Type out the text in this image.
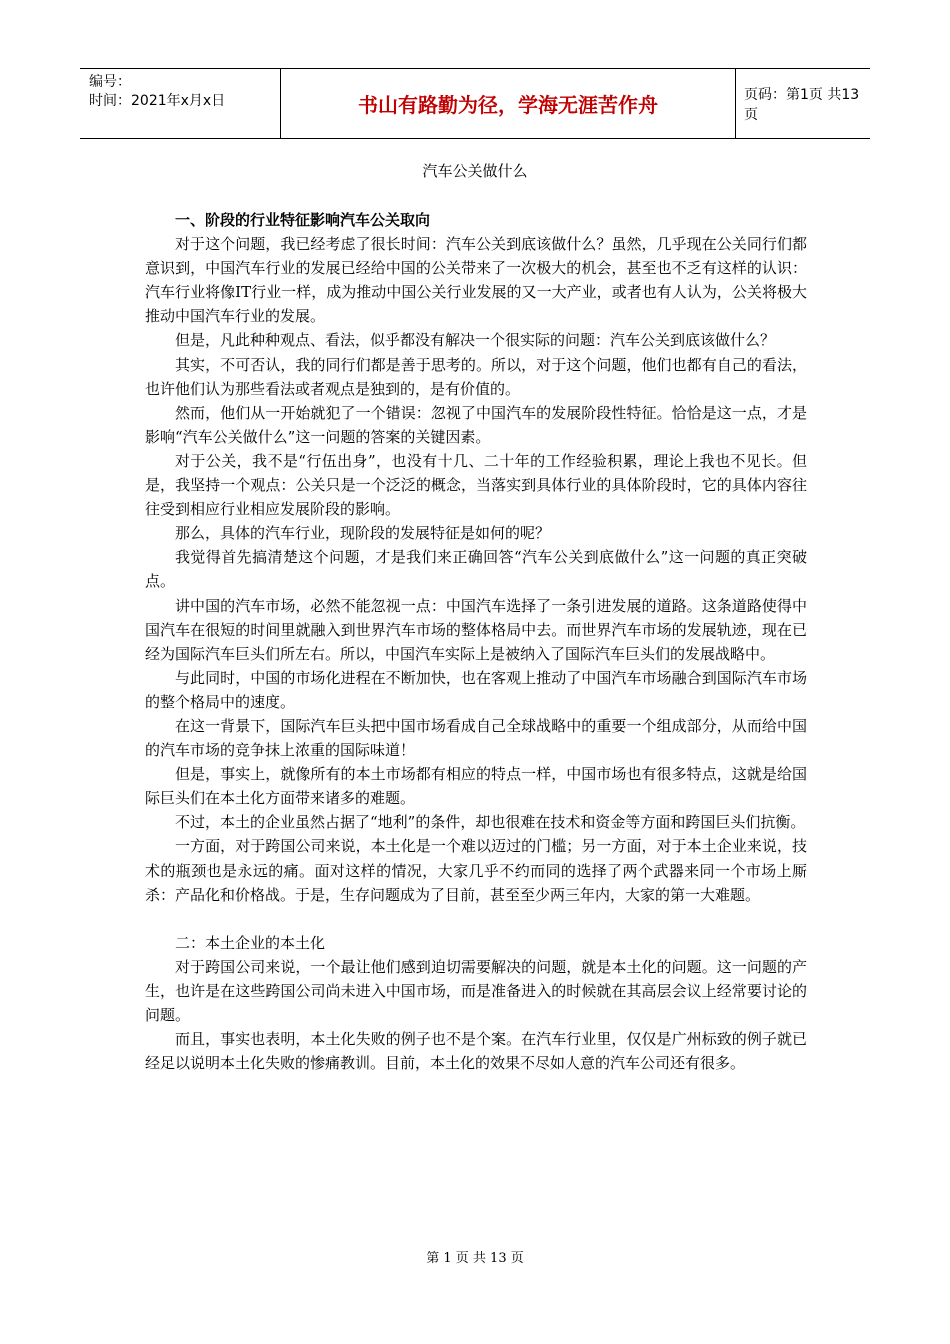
编号：
时间：2021年x月x日	书山有路勤为径，学海无涯苦作舟	页码：第1页 共13页
汽车公关做什么

一、阶段的行业特征影响汽车公关取向

对于这个问题，我已经考虑了很长时间：汽车公关到底该做什么？虽然，几乎现在公关同行们都意识到，中国汽车行业的发展已经给中国的公关带来了一次极大的机会，甚至也不乏有这样的认识：汽车行业将像IT行业一样，成为推动中国公关行业发展的又一大产业，或者也有人认为，公关将极大推动中国汽车行业的发展。

但是，凡此种种观点、看法，似乎都没有解决一个很实际的问题：汽车公关到底该做什么？

其实，不可否认，我的同行们都是善于思考的。所以，对于这个问题，他们也都有自己的看法，也许他们认为那些看法或者观点是独到的，是有价值的。

然而，他们从一开始就犯了一个错误：忽视了中国汽车的发展阶段性特征。恰恰是这一点，才是影响“汽车公关做什么”这一问题的答案的关键因素。

对于公关，我不是“行伍出身”，也没有十几、二十年的工作经验积累，理论上我也不见长。但是，我坚持一个观点：公关只是一个泛泛的概念，当落实到具体行业的具体阶段时，它的具体内容往往受到相应行业相应发展阶段的影响。

那么，具体的汽车行业，现阶段的发展特征是如何的呢？

我觉得首先搞清楚这个问题，才是我们来正确回答“汽车公关到底做什么”这一问题的真正突破点。

讲中国的汽车市场，必然不能忽视一点：中国汽车选择了一条引进发展的道路。这条道路使得中国汽车在很短的时间里就融入到世界汽车市场的整体格局中去。而世界汽车市场的发展轨迹，现在已经为国际汽车巨头们所左右。所以，中国汽车实际上是被纳入了国际汽车巨头们的发展战略中。

与此同时，中国的市场化进程在不断加快，也在客观上推动了中国汽车市场融合到国际汽车市场的整个格局中的速度。

在这一背景下，国际汽车巨头把中国市场看成自己全球战略中的重要一个组成部分，从而给中国的汽车市场的竞争抹上浓重的国际味道！

但是，事实上，就像所有的本土市场都有相应的特点一样，中国市场也有很多特点，这就是给国际巨头们在本土化方面带来诸多的难题。

不过，本土的企业虽然占据了“地利”的条件，却也很难在技术和资金等方面和跨国巨头们抗衡。

一方面，对于跨国公司来说，本土化是一个难以迈过的门槛；另一方面，对于本土企业来说，技术的瓶颈也是永远的痛。面对这样的情况，大家几乎不约而同的选择了两个武器来同一个市场上厮杀：产品化和价格战。于是，生存问题成为了目前，甚至至少两三年内，大家的第一大难题。

二：本土企业的本土化

对于跨国公司来说，一个最让他们感到迫切需要解决的问题，就是本土化的问题。这一问题的产生，也许是在这些跨国公司尚未进入中国市场，而是准备进入的时候就在其高层会议上经常要讨论的问题。

而且，事实也表明，本土化失败的例子也不是个案。在汽车行业里，仅仅是广州标致的例子就已经足以说明本土化失败的惨痛教训。目前，本土化的效果不尽如人意的汽车公司还有很多。

第 1 页 共 13 页
